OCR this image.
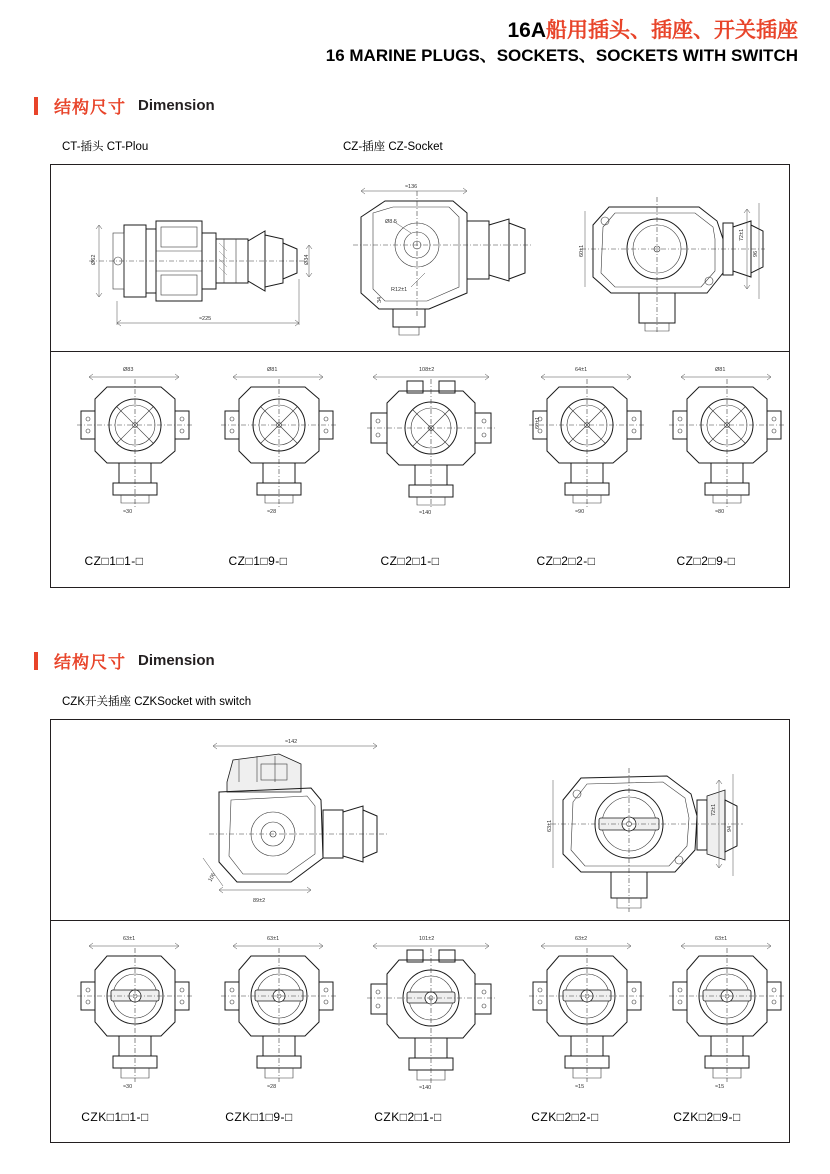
16A船用插头、插座、开关插座
16 MARINE PLUGS、SOCKETS、SOCKETS WITH SWITCH
结构尺寸 Dimension
CT-插头 CT-Plou	CZ-插座 CZ-Socket
Ø62
≈225
Ø34
≈136
Ø8.5
R12±1
34
72±1
96
60±1
Ø83
≈30
Ø81
≈28
108±2
≈140
64±1
60±1
≈90
Ø81
≈80
CZ□1□1-□	CZ□1□9-□	CZ□2□1-□	CZ□2□2-□	CZ□2□9-□
结构尺寸 Dimension
CZK开关插座 CZKSocket with switch
≈142
89±2
106
72±1
94
63±1
63±1
≈30
63±1
≈28
101±2
≈140
63±2
≈15
63±1
≈15
CZK□1□1-□	CZK□1□9-□	CZK□2□1-□	CZK□2□2-□	CZK□2□9-□
